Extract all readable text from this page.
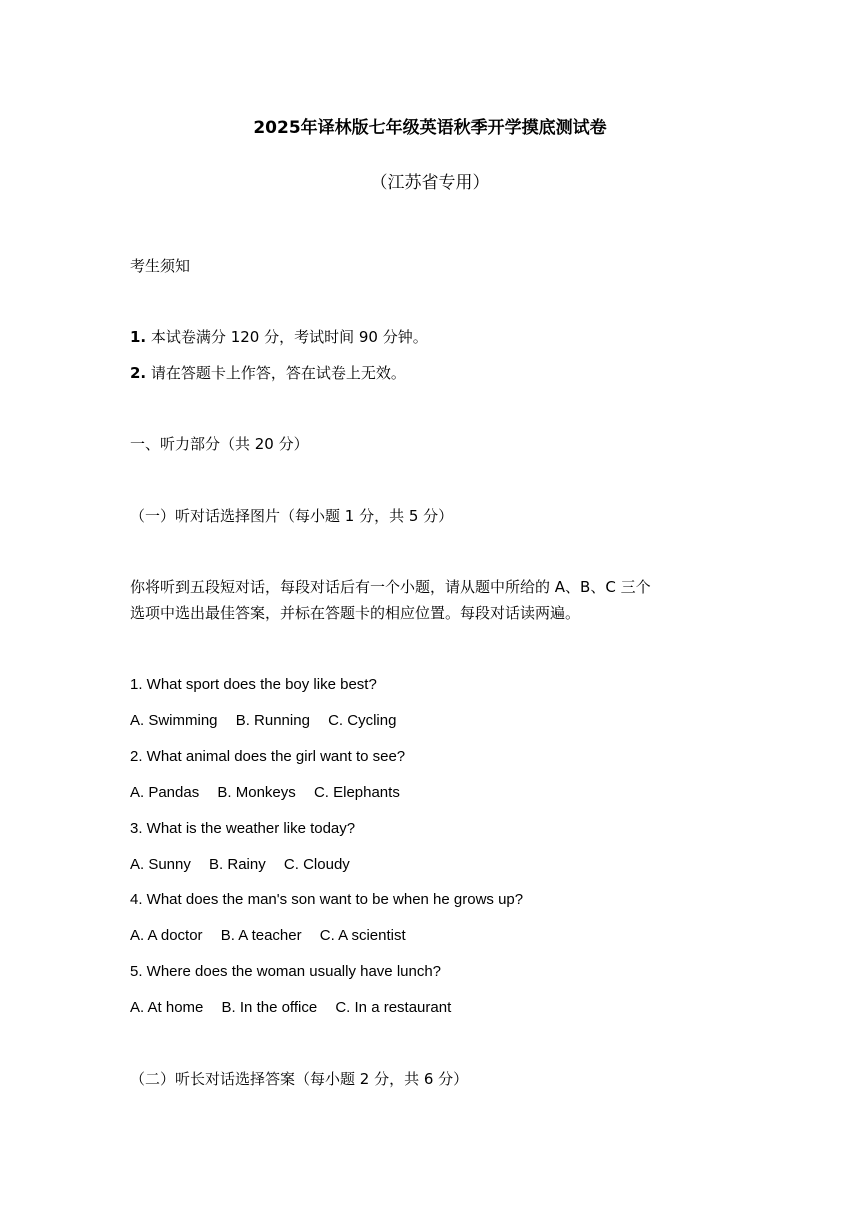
2025年译林版七年级英语秋季开学摸底测试卷
（江苏省专用）
考生须知
1. 本试卷满分 120 分，考试时间 90 分钟。
2. 请在答题卡上作答，答在试卷上无效。
一、听力部分（共 20 分）
（一）听对话选择图片（每小题 1 分，共 5 分）
你将听到五段短对话，每段对话后有一个小题，请从题中所给的 A、B、C 三个
选项中选出最佳答案，并标在答题卡的相应位置。每段对话读两遍。
1. What sport does the boy like best?
A. Swimming B. Running C. Cycling
2. What animal does the girl want to see?
A. Pandas B. Monkeys C. Elephants
3. What is the weather like today?
A. Sunny B. Rainy C. Cloudy
4. What does the man's son want to be when he grows up?
A. A doctor B. A teacher C. A scientist
5. Where does the woman usually have lunch?
A. At home B. In the office C. In a restaurant
（二）听长对话选择答案（每小题 2 分，共 6 分）
